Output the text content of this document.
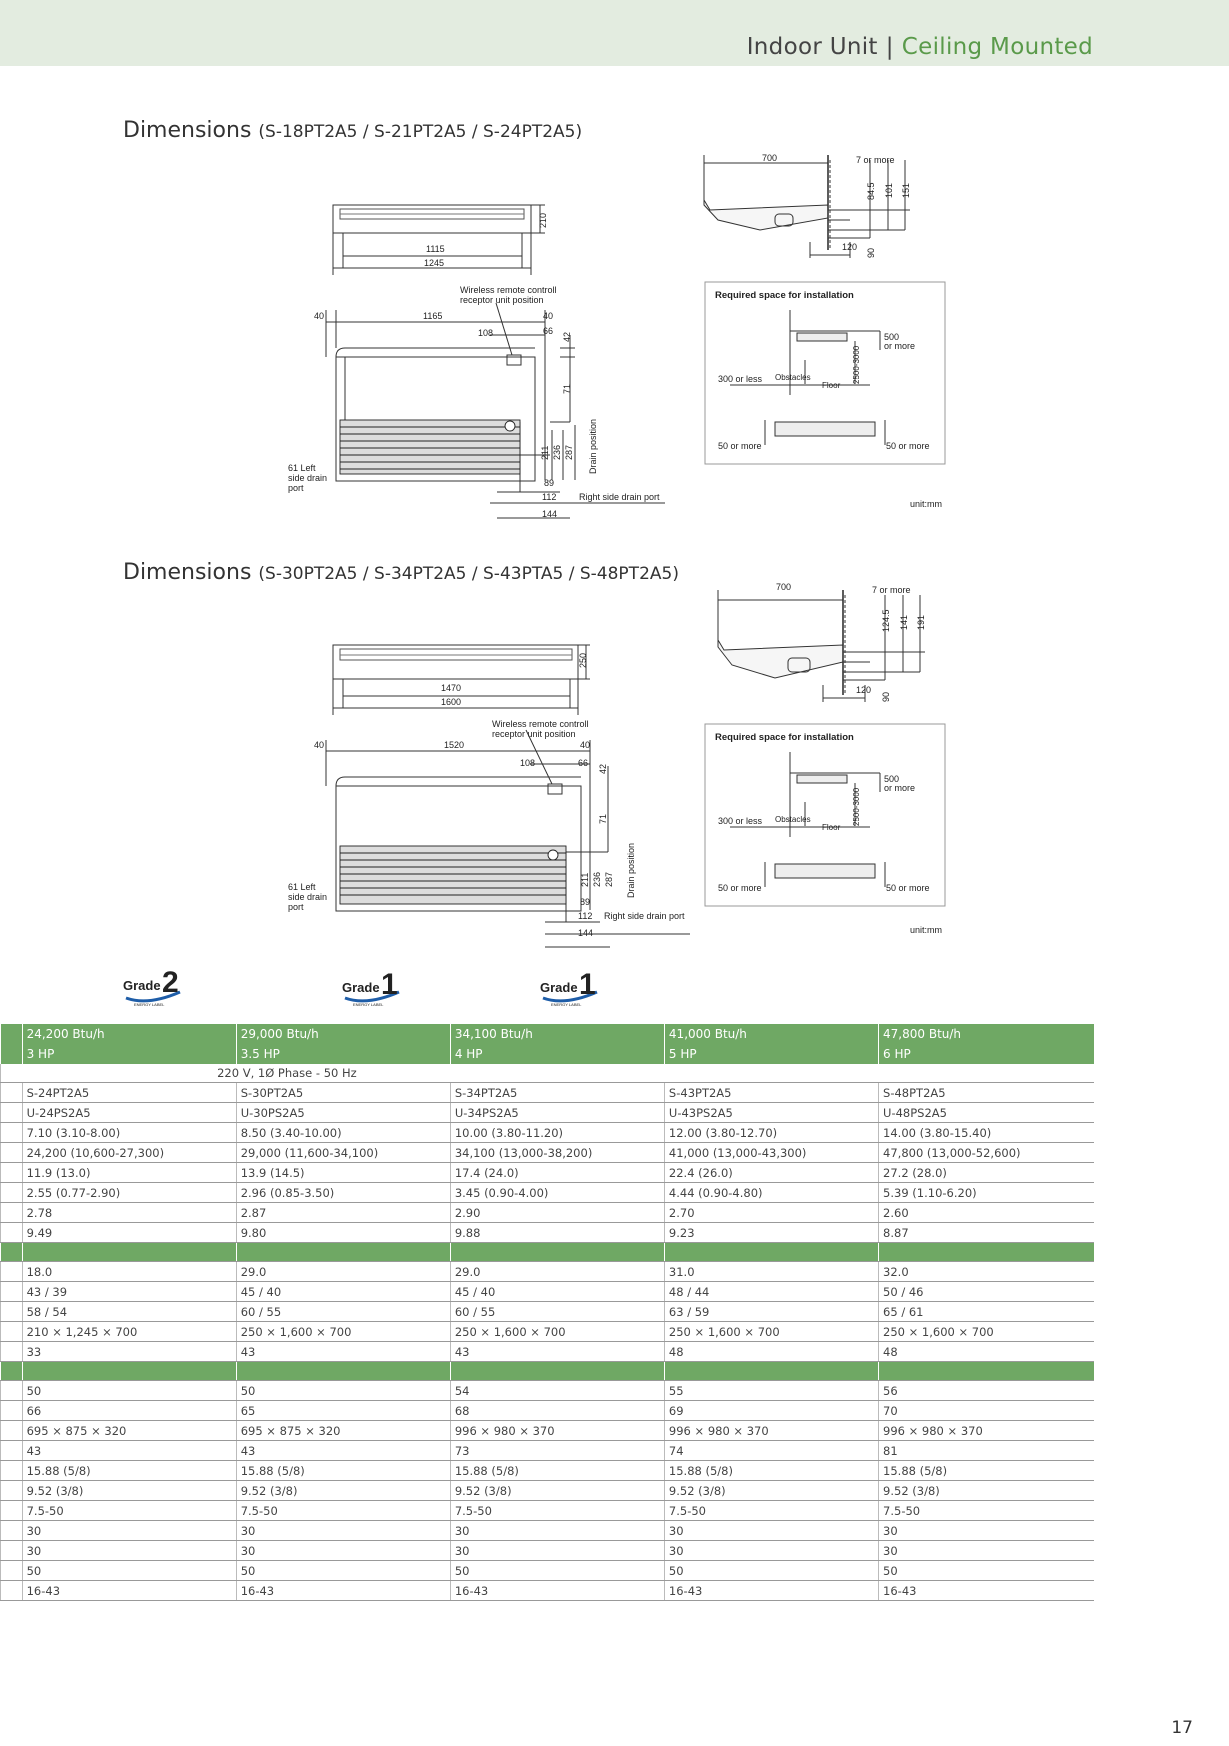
Indoor Unit | Ceiling Mounted
Dimensions (S-18PT2A5 / S-21PT2A5 / S-24PT2A5)
Dimensions (S-30PT2A5 / S-34PT2A5 / S-43PTA5 / S-48PT2A5)
1115
1245
210
40	1165	40
108	66
42
71
211 236 287
89
112
144
Wireless remote controll
receptor unit position
Drain position
61 Left
side drain
port
Right side drain port
700	7 or more
84.5 101 151
120
90
Required space for installation
500
or more
300 or less Obstacles	2500-3000
Floor
50 or more	50 or more
unit:mm
1470
1600
250
40	1520	40
108	66
42
71
211 236 287
89
112
144
Wireless remote controll
receptor unit position
Drain position
61 Left
side drain
port
Right side drain port
700	7 or more
124.5 141 191
120
90
Required space for installation
500
or more
300 or less Obstacles	2500-3000
Floor
50 or more	50 or more
unit:mm
Grade 2
ENERGY LABEL
Grade 1
ENERGY LABEL
Grade 1
ENERGY LABEL
	24,200 Btu/h	29,000 Btu/h	34,100 Btu/h	41,000 Btu/h	47,800 Btu/h
	3 HP	3.5 HP	4 HP	5 HP	6 HP
	220 V, 1Ø Phase - 50 Hz				
	S-24PT2A5	S-30PT2A5	S-34PT2A5	S-43PT2A5	S-48PT2A5
	U-24PS2A5	U-30PS2A5	U-34PS2A5	U-43PS2A5	U-48PS2A5
	7.10 (3.10-8.00)	8.50 (3.40-10.00)	10.00 (3.80-11.20)	12.00 (3.80-12.70)	14.00 (3.80-15.40)
	24,200 (10,600-27,300)	29,000 (11,600-34,100)	34,100 (13,000-38,200)	41,000 (13,000-43,300)	47,800 (13,000-52,600)
	11.9 (13.0)	13.9 (14.5)	17.4 (24.0)	22.4 (26.0)	27.2 (28.0)
	2.55 (0.77-2.90)	2.96 (0.85-3.50)	3.45 (0.90-4.00)	4.44 (0.90-4.80)	5.39 (1.10-6.20)
	2.78	2.87	2.90	2.70	2.60
	9.49	9.80	9.88	9.23	8.87

	18.0	29.0	29.0	31.0	32.0
	43 / 39	45 / 40	45 / 40	48 / 44	50 / 46
	58 / 54	60 / 55	60 / 55	63 / 59	65 / 61
	210 × 1,245 × 700	250 × 1,600 × 700	250 × 1,600 × 700	250 × 1,600 × 700	250 × 1,600 × 700
	33	43	43	48	48

	50	50	54	55	56
	66	65	68	69	70
	695 × 875 × 320	695 × 875 × 320	996 × 980 × 370	996 × 980 × 370	996 × 980 × 370
	43	43	73	74	81
	15.88 (5/8)	15.88 (5/8)	15.88 (5/8)	15.88 (5/8)	15.88 (5/8)
	9.52 (3/8)	9.52 (3/8)	9.52 (3/8)	9.52 (3/8)	9.52 (3/8)
	7.5-50	7.5-50	7.5-50	7.5-50	7.5-50
	30	30	30	30	30
	30	30	30	30	30
	50	50	50	50	50
	16-43	16-43	16-43	16-43	16-43
17
